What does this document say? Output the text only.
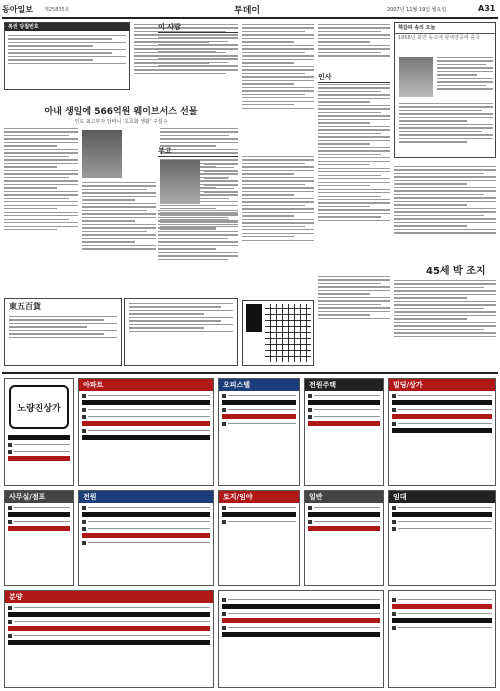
동아일보 제25835호	투데이	2007년 11월 19일 월요일	A31
복권 당첨번호
아내 생일에 566억원 웨이브서스 선물
인도 최고부자 암바니 '초호화 생활' 구설수
東五百貨
이 사람
부고
인사
책갈피 속의 오늘
1868년 화면 동교에 왕세양중에 출국
45세 박 조지
노량진상가
아파트	오피스텔	전원주택	빌딩/상가
사무실/점포	전원	토지/임야	일반	임대
분양
